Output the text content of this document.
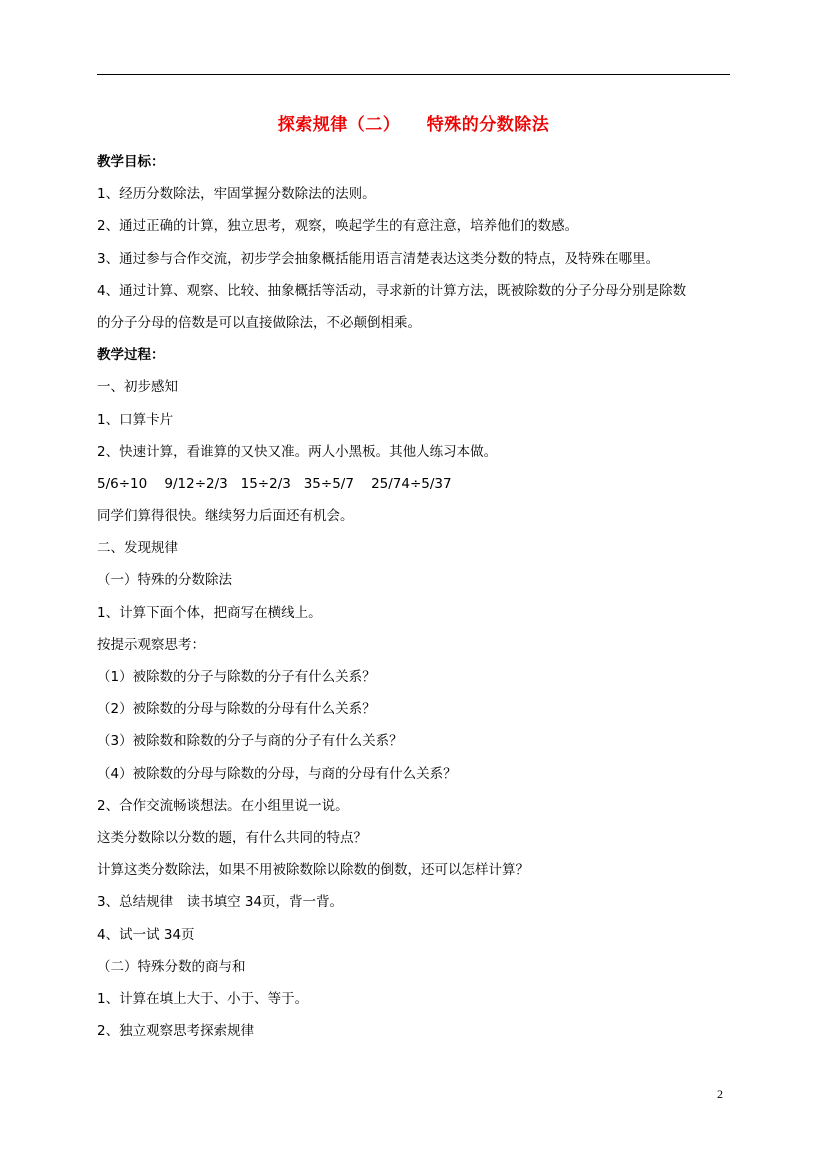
探索规律（二）　　特殊的分数除法
教学目标：
1、经历分数除法，牢固掌握分数除法的法则。
2、通过正确的计算，独立思考，观察，唤起学生的有意注意，培养他们的数感。
3、通过参与合作交流，初步学会抽象概括能用语言清楚表达这类分数的特点，及特殊在哪里。
4、通过计算、观察、比较、抽象概括等活动，寻求新的计算方法，既被除数的分子分母分别是除数
的分子分母的倍数是可以直接做除法，不必颠倒相乘。
教学过程：
一、初步感知
1、口算卡片
2、快速计算，看谁算的又快又准。两人小黑板。其他人练习本做。
5/6÷10    9/12÷2/3   15÷2/3   35÷5/7    25/74÷5/37
同学们算得很快。继续努力后面还有机会。
二、发现规律
（一）特殊的分数除法
1、计算下面个体，把商写在横线上。
按提示观察思考：
（1）被除数的分子与除数的分子有什么关系？
（2）被除数的分母与除数的分母有什么关系？
（3）被除数和除数的分子与商的分子有什么关系？
（4）被除数的分母与除数的分母，与商的分母有什么关系？
2、合作交流畅谈想法。在小组里说一说。
这类分数除以分数的题，有什么共同的特点？
计算这类分数除法，如果不用被除数除以除数的倒数，还可以怎样计算？
3、总结规律　读书填空 34页，背一背。
4、试一试 34页
（二）特殊分数的商与和
1、计算在填上大于、小于、等于。
2、独立观察思考探索规律
2
